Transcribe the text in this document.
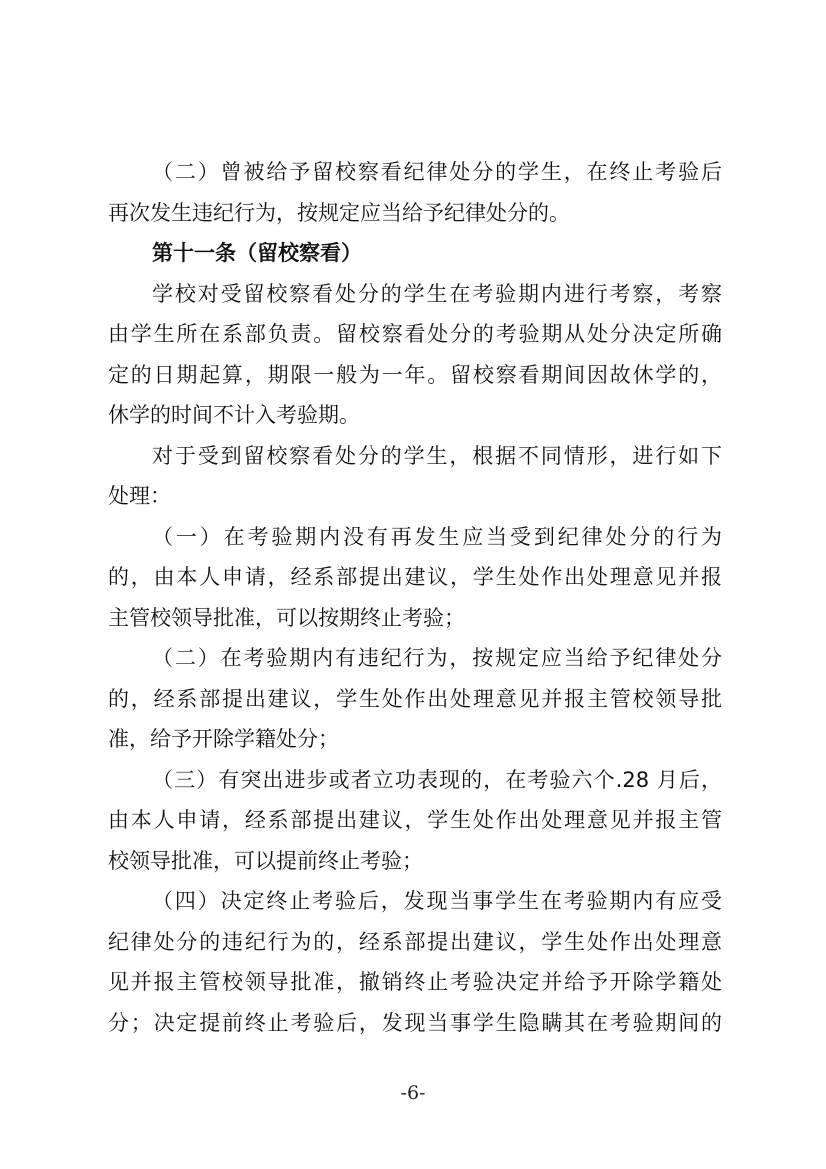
（二）曾被给予留校察看纪律处分的学生，在终止考验后
再次发生违纪行为，按规定应当给予纪律处分的。
第十一条（留校察看）
学校对受留校察看处分的学生在考验期内进行考察，考察
由学生所在系部负责。留校察看处分的考验期从处分决定所确
定的日期起算，期限一般为一年。留校察看期间因故休学的，
休学的时间不计入考验期。
对于受到留校察看处分的学生，根据不同情形，进行如下
处理：
（一）在考验期内没有再发生应当受到纪律处分的行为
的，由本人申请，经系部提出建议，学生处作出处理意见并报
主管校领导批准，可以按期终止考验；
（二）在考验期内有违纪行为，按规定应当给予纪律处分
的，经系部提出建议，学生处作出处理意见并报主管校领导批
准，给予开除学籍处分；
（三）有突出进步或者立功表现的，在考验六个.28 月后，
由本人申请，经系部提出建议，学生处作出处理意见并报主管
校领导批准，可以提前终止考验；
（四）决定终止考验后，发现当事学生在考验期内有应受
纪律处分的违纪行为的，经系部提出建议，学生处作出处理意
见并报主管校领导批准，撤销终止考验决定并给予开除学籍处
分；决定提前终止考验后，发现当事学生隐瞒其在考验期间的
-6-
